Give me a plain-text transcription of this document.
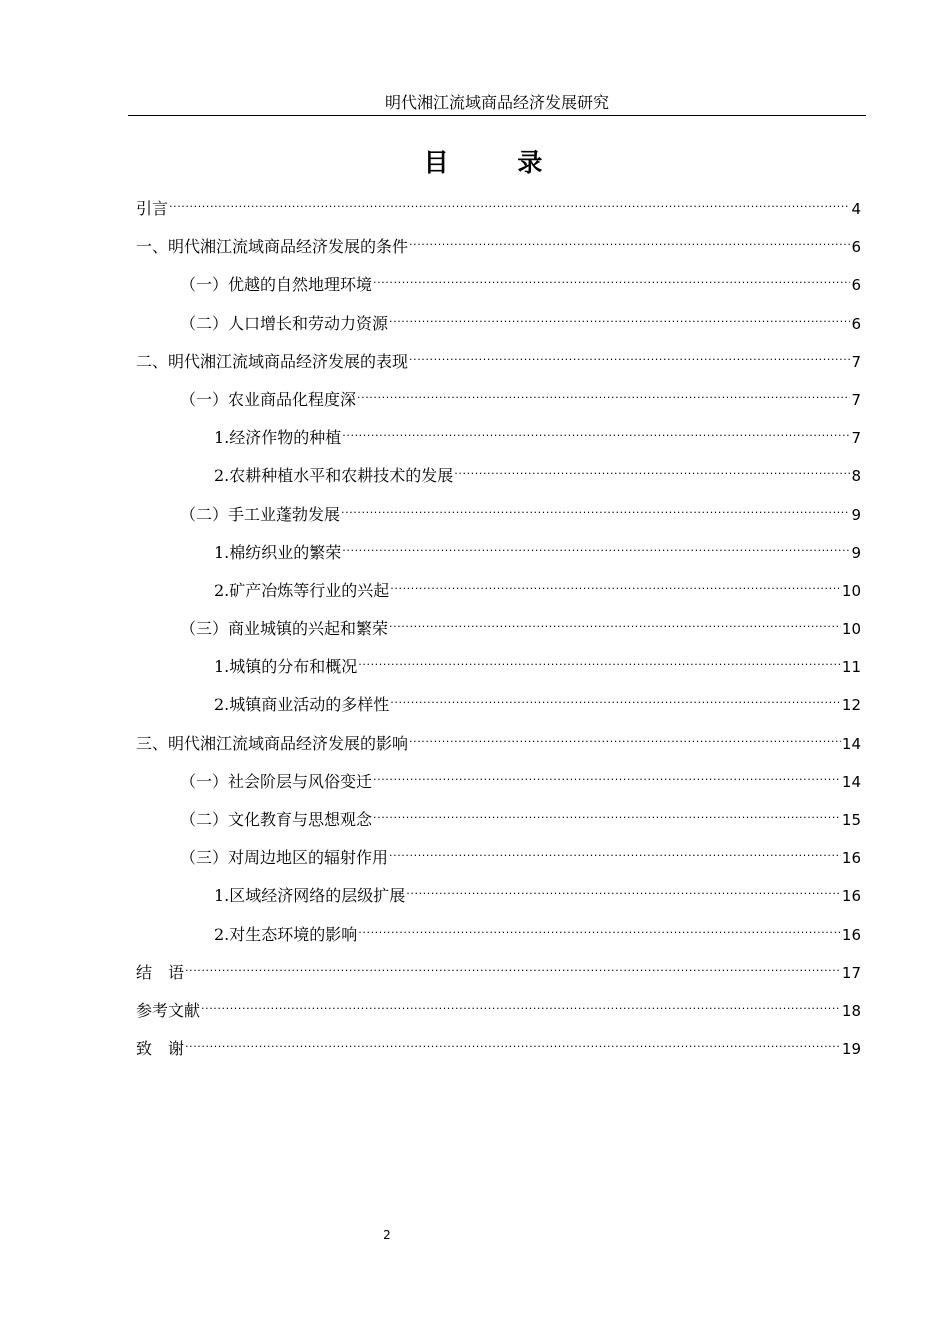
明代湘江流域商品经济发展研究
目 录
引言 .....	4
一、明代湘江流域商品经济发展的条件 .....	6
（一）优越的自然地理环境 .....	6
（二）人口增长和劳动力资源 .....	6
二、明代湘江流域商品经济发展的表现 .....	7
（一）农业商品化程度深 .....	7
1.经济作物的种植 .....	7
2.农耕种植水平和农耕技术的发展 .....	8
（二）手工业蓬勃发展 .....	9
1.棉纺织业的繁荣 .....	9
2.矿产冶炼等行业的兴起 .....	10
（三）商业城镇的兴起和繁荣 .....	10
1.城镇的分布和概况 .....	11
2.城镇商业活动的多样性 .....	12
三、明代湘江流域商品经济发展的影响 .....	14
（一）社会阶层与风俗变迁 .....	14
（二）文化教育与思想观念 .....	15
（三）对周边地区的辐射作用 .....	16
1.区域经济网络的层级扩展 .....	16
2.对生态环境的影响 .....	16
结　语 .....	17
参考文献 .....	18
致　谢 .....	19
2
